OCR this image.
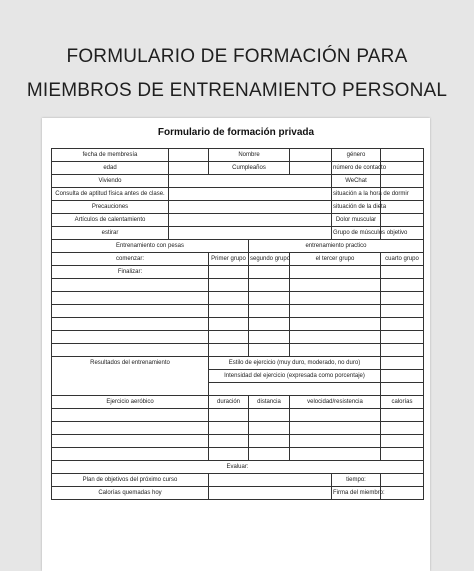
FORMULARIO DE FORMACIÓN PARA
MIEMBROS DE ENTRENAMIENTO PERSONAL
Formulario de formación privada
fecha de membresía		Nombre			género	
edad		Cumpleaños			número de contacto	
Viviendo					WeChat	
Consulta de aptitud física antes de clase.					situación a la hora de dormir	
Precauciones					situación de la dieta	
Artículos de calentamiento					Dolor muscular	
estirar					Grupo de músculos objetivo	
Entrenamiento con pesas			entrenamiento practico			
comenzar:		Primer grupo	segundo grupo	el tercer grupo		cuarto grupo
Finalizar:						

Resultados del entrenamiento		Estilo de ejercicio (muy duro, moderado, no duro)				
		Intensidad del ejercicio (expresada como porcentaje)				

Ejercicio aeróbico		duración	distancia	velocidad/resistencia		calorías

Evaluar:						
Plan de objetivos del próximo curso					tiempo:	
Calorías quemadas hoy					Firma del miembro:	
